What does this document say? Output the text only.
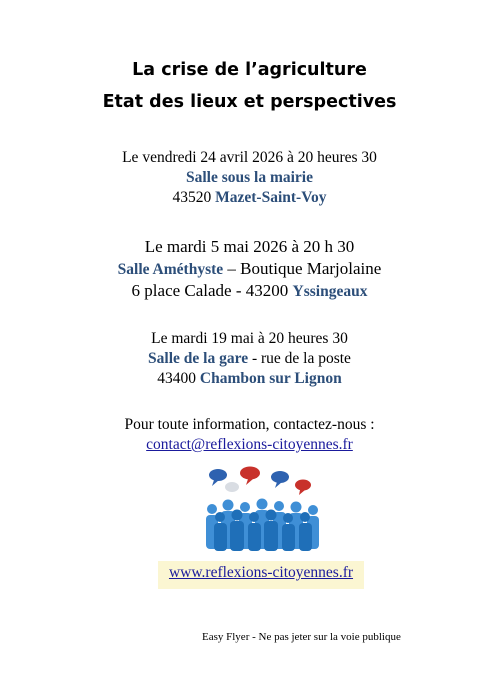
La crise de l’agriculture
Etat des lieux et perspectives
Le vendredi 24 avril 2026 à 20 heures 30
Salle sous la mairie
43520 Mazet-Saint-Voy
Le mardi 5 mai 2026 à 20 h 30
Salle Améthyste – Boutique Marjolaine
6 place Calade - 43200 Yssingeaux
Le mardi 19 mai à 20 heures 30
Salle de la gare - rue de la poste
43400 Chambon sur Lignon
Pour toute information, contactez-nous :
contact@reflexions-citoyennes.fr
www.reflexions-citoyennes.fr
Easy Flyer - Ne pas jeter sur la voie publique
